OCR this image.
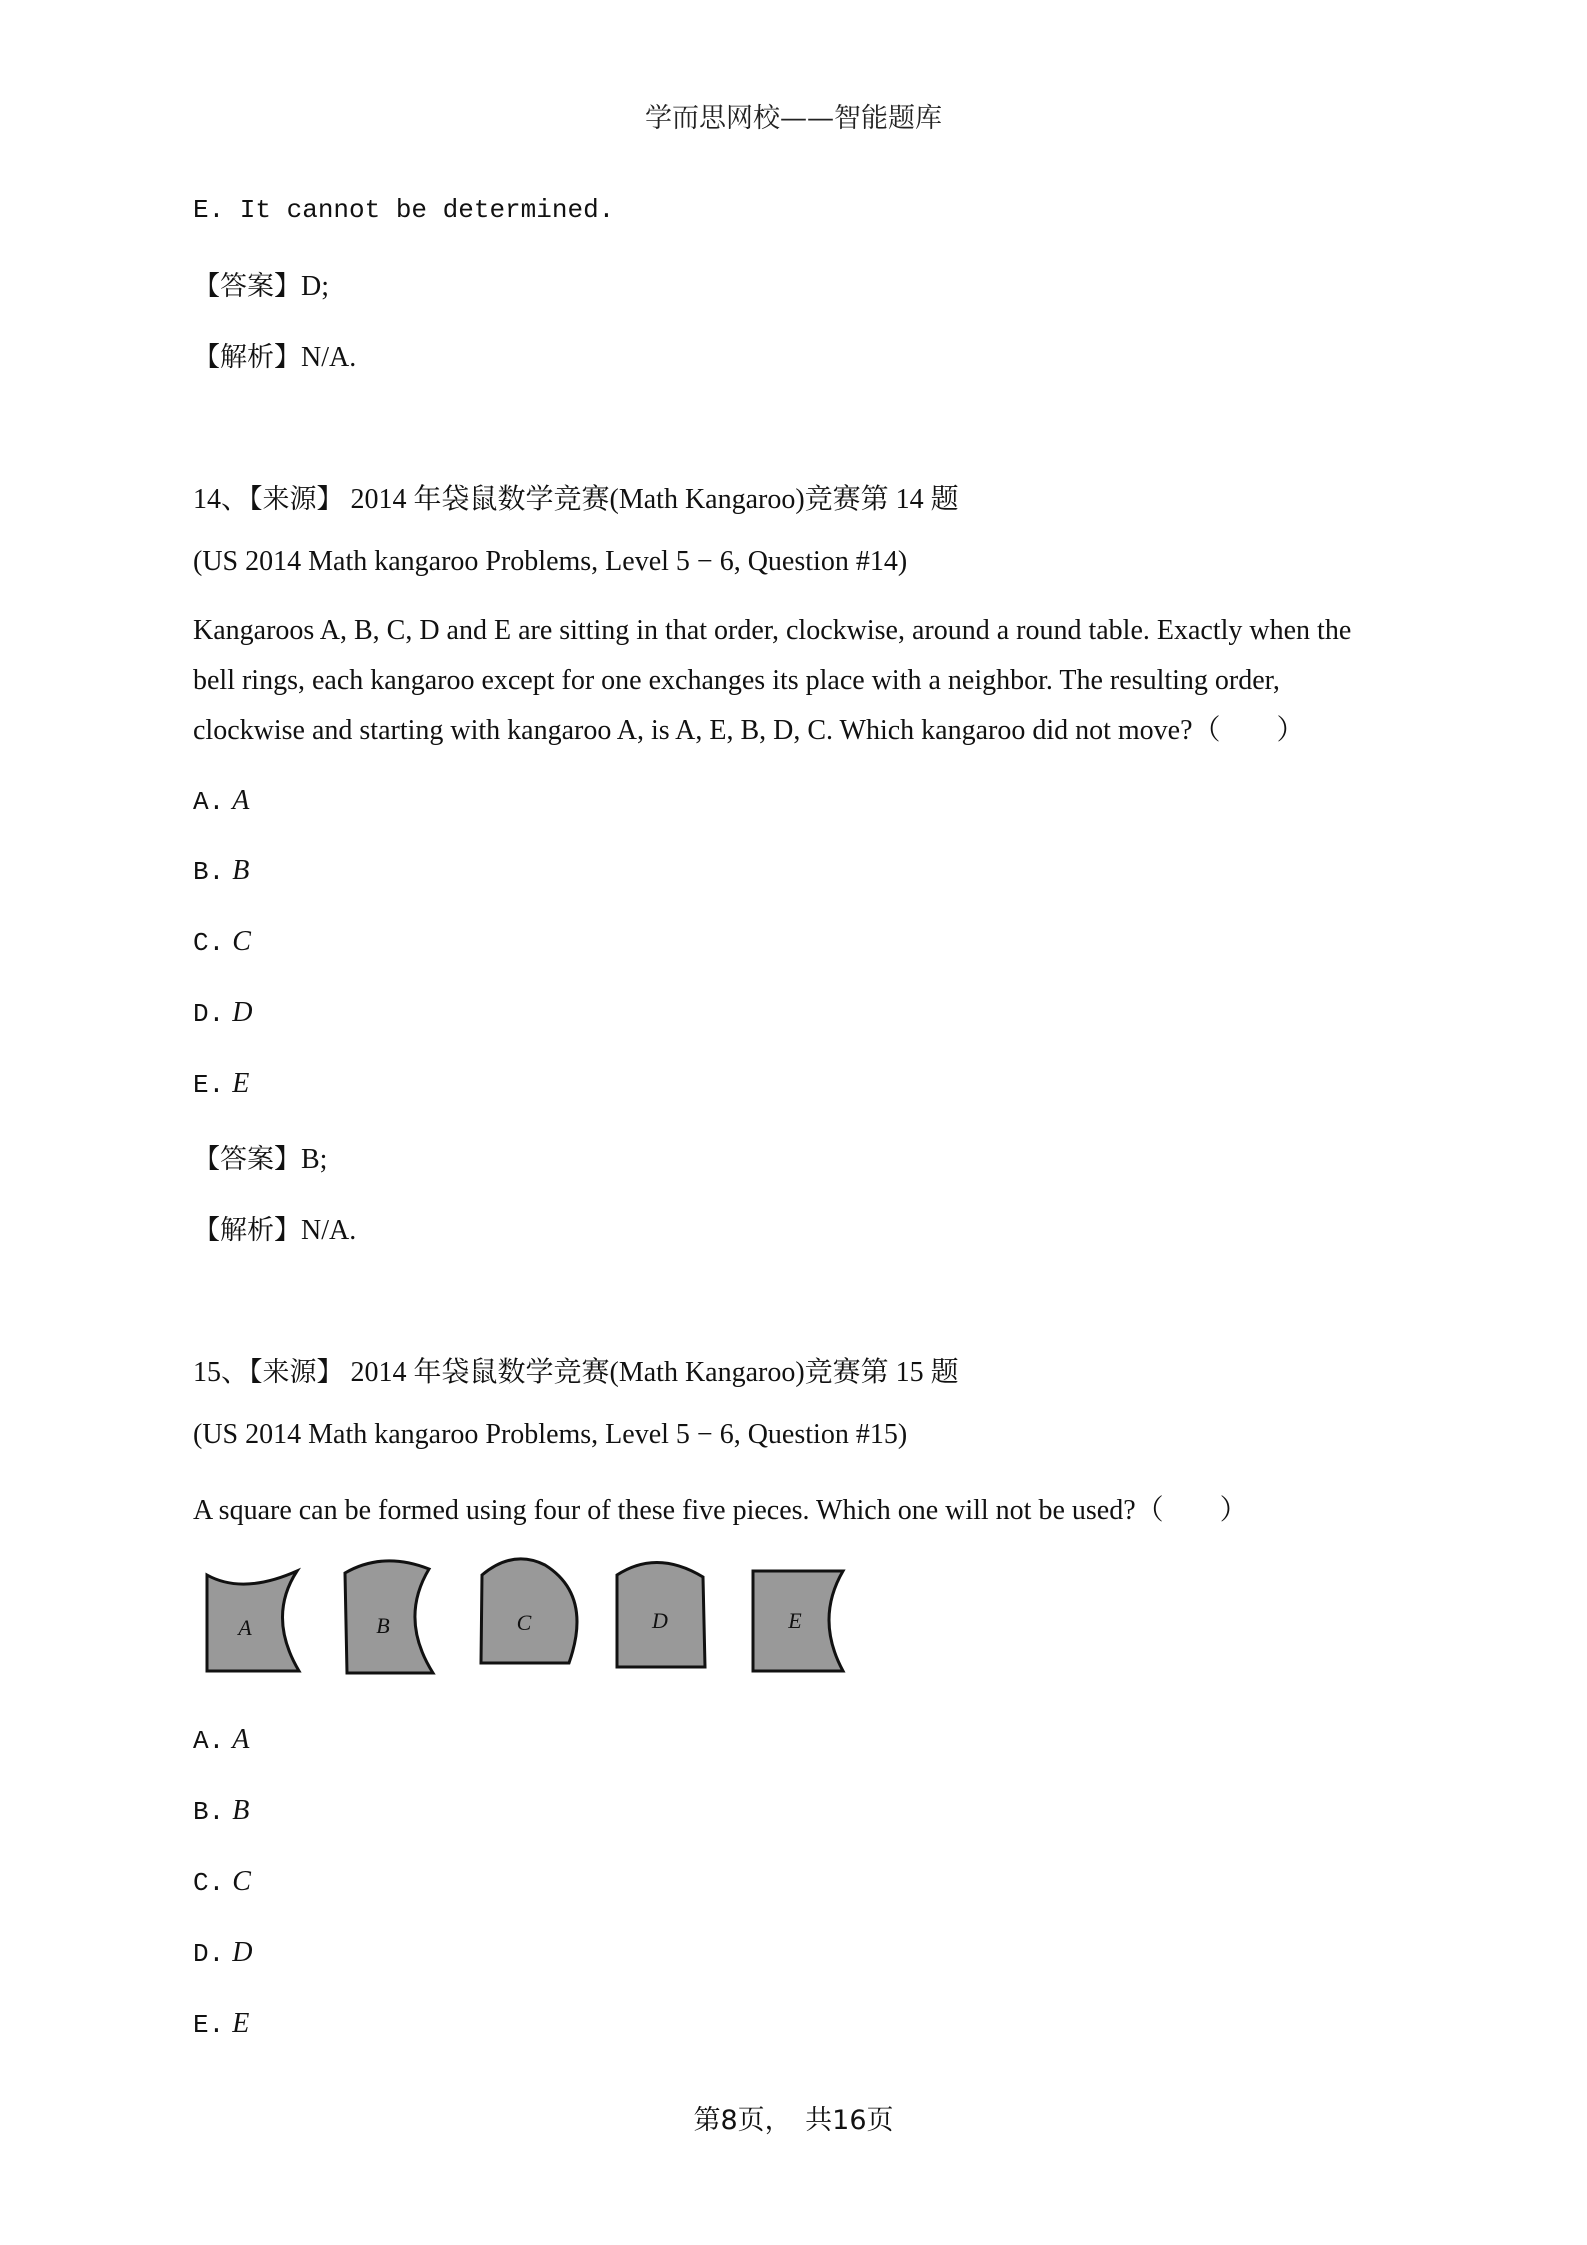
学而思网校——智能题库
E. It cannot be determined.
【答案】D;
【解析】N/A.
14、【来源】 2014 年袋鼠数学竞赛(Math Kangaroo)竞赛第 14 题
(US 2014 Math kangaroo Problems, Level 5 − 6, Question #14)
Kangaroos A, B, C, D and E are sitting in that order, clockwise, around a round table. Exactly when the
bell rings, each kangaroo except for one exchanges its place with a neighbor. The resulting order,
clockwise and starting with kangaroo A, is A, E, B, D, C. Which kangaroo did not move?（　　）
A. A
B. B
C. C
D. D
E. E
【答案】B;
【解析】N/A.
15、【来源】 2014 年袋鼠数学竞赛(Math Kangaroo)竞赛第 15 题
(US 2014 Math kangaroo Problems, Level 5 − 6, Question #15)
A square can be formed using four of these five pieces. Which one will not be used?（　　）
A	B	C	D	E
A. A
B. B
C. C
D. D
E. E
第8页，　共16页
